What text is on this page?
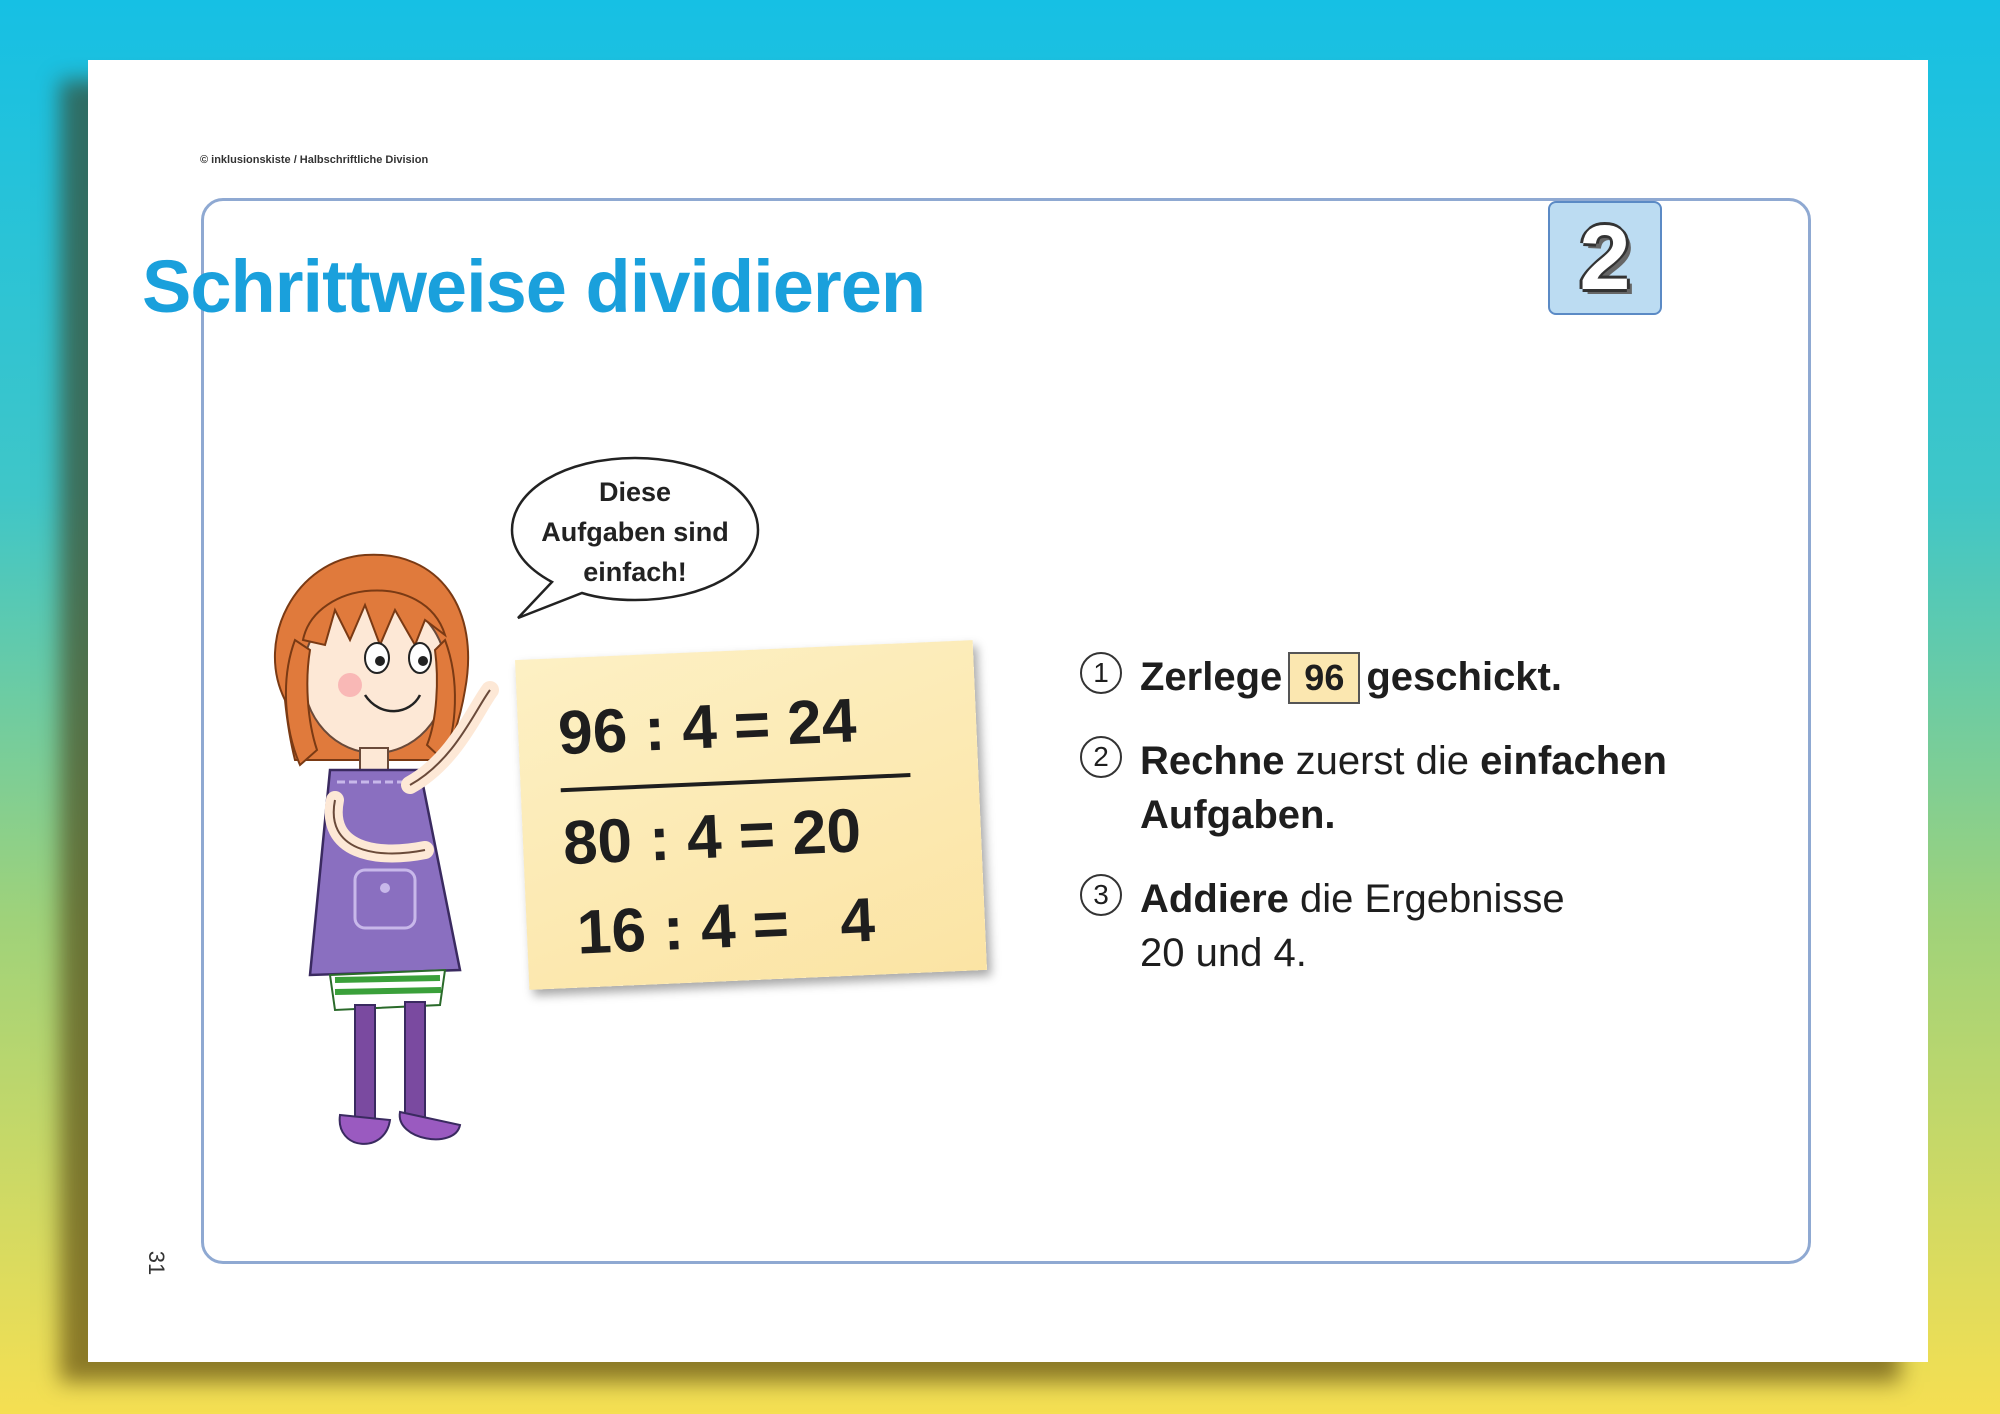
© inklusionskiste / Halbschriftliche Division
31
Schrittweise dividieren	2
Diese
Aufgaben sind
einfach!
96 : 4 = 24
80 : 4 = 20
16 : 4 =   4
1 Zerlege 96 geschickt.
2 Rechne zuerst die einfachen
Aufgaben.
3 Addiere die Ergebnisse
20 und 4.
